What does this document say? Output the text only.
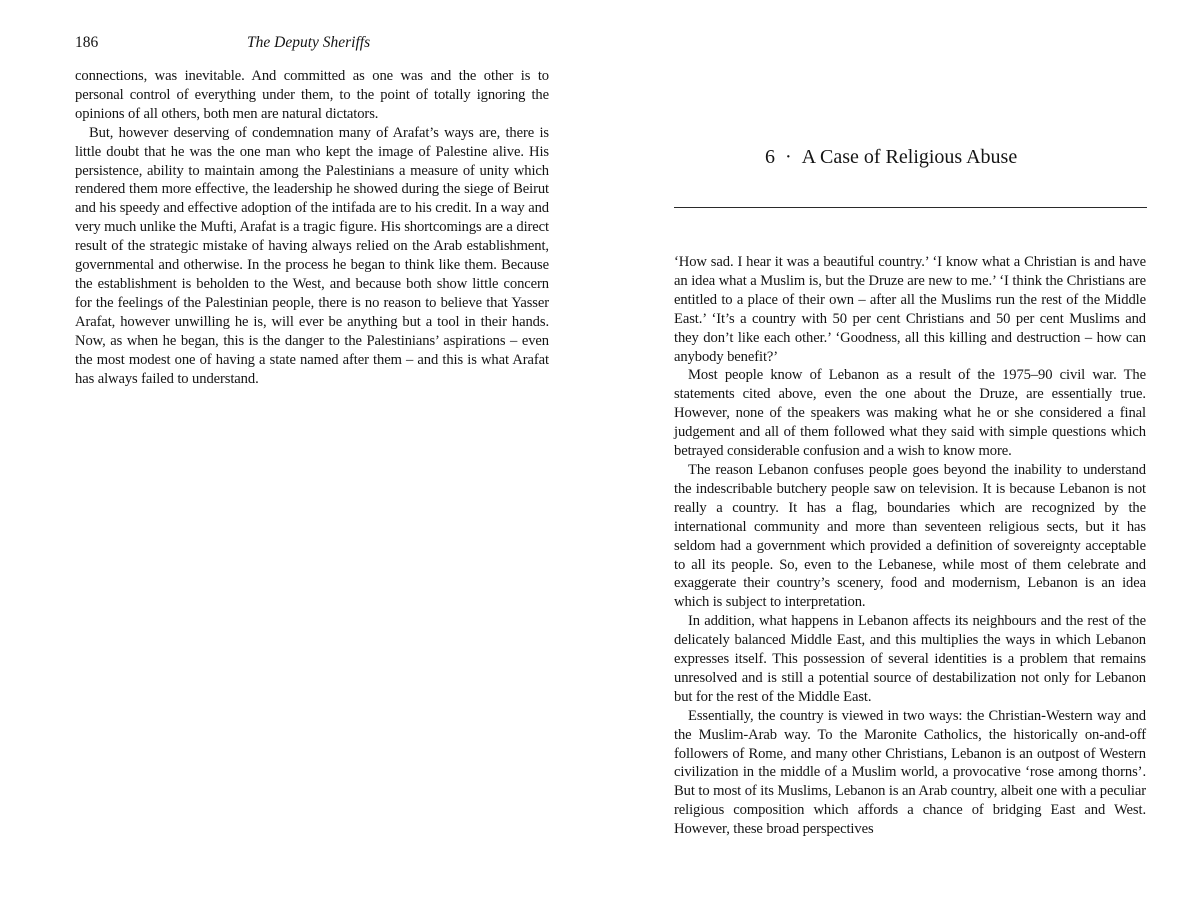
186	The Deputy Sheriffs

connections, was inevitable. And committed as one was and the other is to personal control of everything under them, to the point of totally ignoring the opinions of all others, both men are natural dictators.

But, however deserving of condemnation many of Arafat’s ways are, there is little doubt that he was the one man who kept the image of Palestine alive. His persistence, ability to maintain among the Palestinians a measure of unity which rendered them more effective, the leadership he showed during the siege of Beirut and his speedy and effective adoption of the intifada are to his credit. In a way and very much unlike the Mufti, Arafat is a tragic figure. His shortcomings are a direct result of the strategic mistake of having always relied on the Arab establishment, governmental and otherwise. In the process he began to think like them. Because the establishment is beholden to the West, and because both show little concern for the feelings of the Palestinian people, there is no reason to believe that Yasser Arafat, however unwilling he is, will ever be anything but a tool in their hands. Now, as when he began, this is the danger to the Palestinians’ aspirations – even the most modest one of having a state named after them – and this is what Arafat has always failed to understand.

6 · A Case of Religious Abuse

‘How sad. I hear it was a beautiful country.’ ‘I know what a Christian is and have an idea what a Muslim is, but the Druze are new to me.’ ‘I think the Christians are entitled to a place of their own – after all the Muslims run the rest of the Middle East.’ ‘It’s a country with 50 per cent Christians and 50 per cent Muslims and they don’t like each other.’ ‘Goodness, all this killing and destruction – how can anybody benefit?’

Most people know of Lebanon as a result of the 1975–90 civil war. The statements cited above, even the one about the Druze, are essentially true. However, none of the speakers was making what he or she considered a final judgement and all of them followed what they said with simple questions which betrayed considerable confusion and a wish to know more.

The reason Lebanon confuses people goes beyond the inability to understand the indescribable butchery people saw on television. It is because Lebanon is not really a country. It has a flag, boundaries which are recognized by the international community and more than seventeen religious sects, but it has seldom had a government which provided a definition of sovereignty acceptable to all its people. So, even to the Lebanese, while most of them celebrate and exaggerate their country’s scenery, food and modernism, Lebanon is an idea which is subject to interpretation.

In addition, what happens in Lebanon affects its neighbours and the rest of the delicately balanced Middle East, and this multiplies the ways in which Lebanon expresses itself. This possession of several identities is a problem that remains unresolved and is still a potential source of destabilization not only for Lebanon but for the rest of the Middle East.

Essentially, the country is viewed in two ways: the Christian-Western way and the Muslim-Arab way. To the Maronite Catholics, the historically on-and-off followers of Rome, and many other Christians, Lebanon is an outpost of Western civilization in the middle of a Muslim world, a provocative ‘rose among thorns’. But to most of its Muslims, Lebanon is an Arab country, albeit one with a peculiar religious composition which affords a chance of bridging East and West. However, these broad perspectives
